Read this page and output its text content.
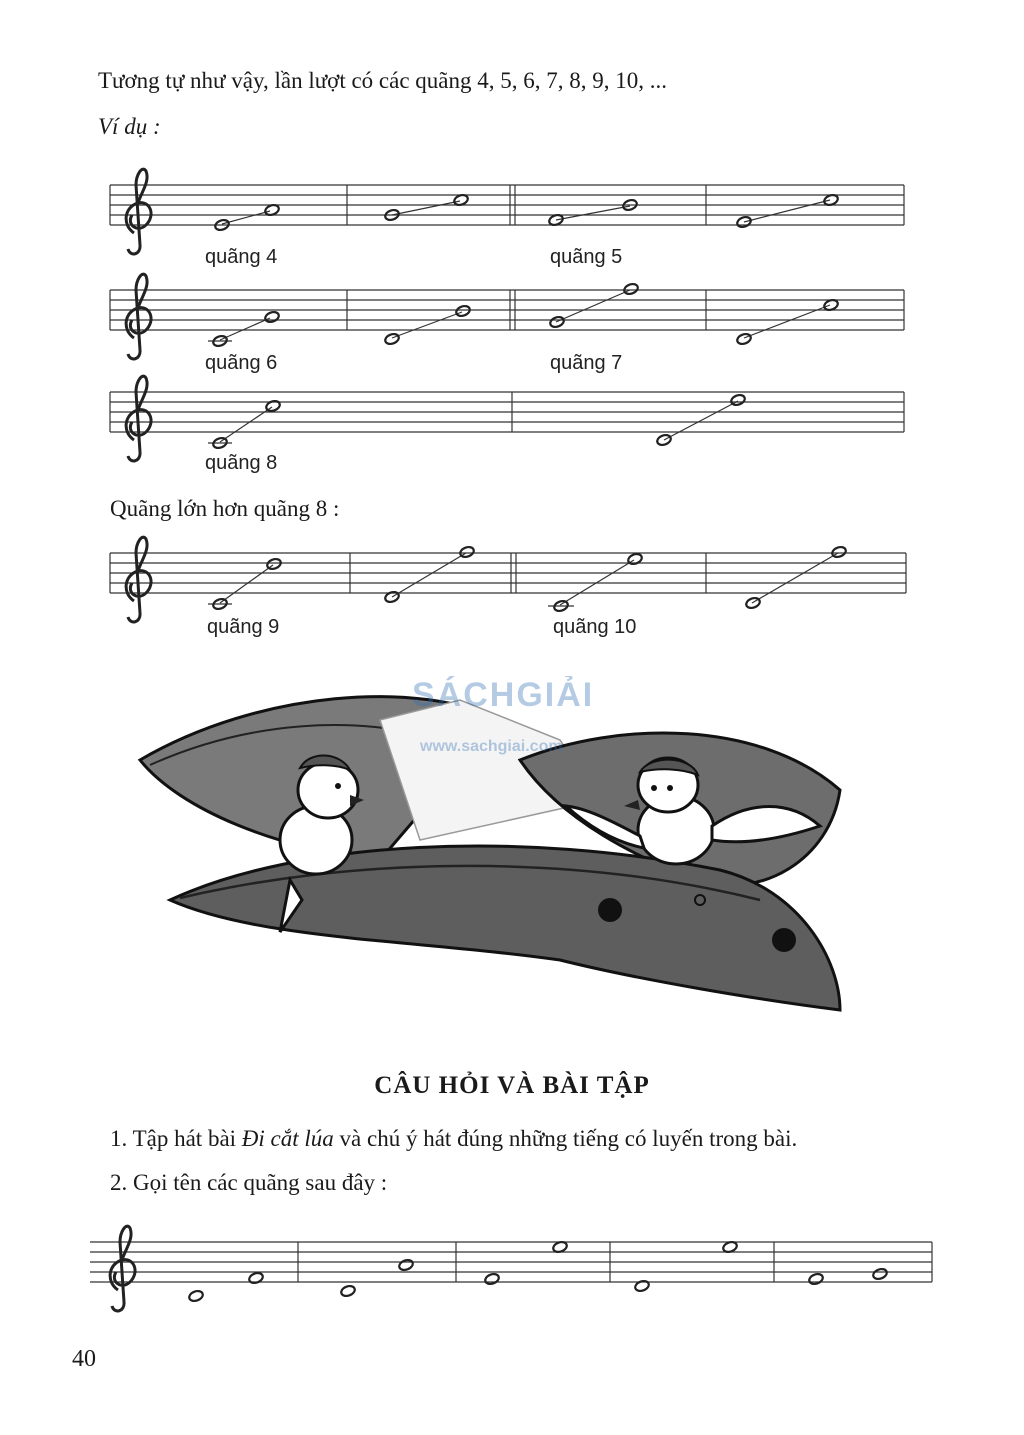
Tương tự như vậy, lần lượt có các quãng 4, 5, 6, 7, 8, 9, 10, ...
Ví dụ :
quãng 4	quãng 5
quãng 6	quãng 7
quãng 8
Quãng lớn hơn quãng 8 :
quãng 9	quãng 10
CÂU HỎI VÀ BÀI TẬP
1. Tập hát bài Đi cắt lúa và chú ý hát đúng những tiếng có luyến trong bài.
2. Gọi tên các quãng sau đây :
40
SÁCHGIẢI
www.sachgiai.com
